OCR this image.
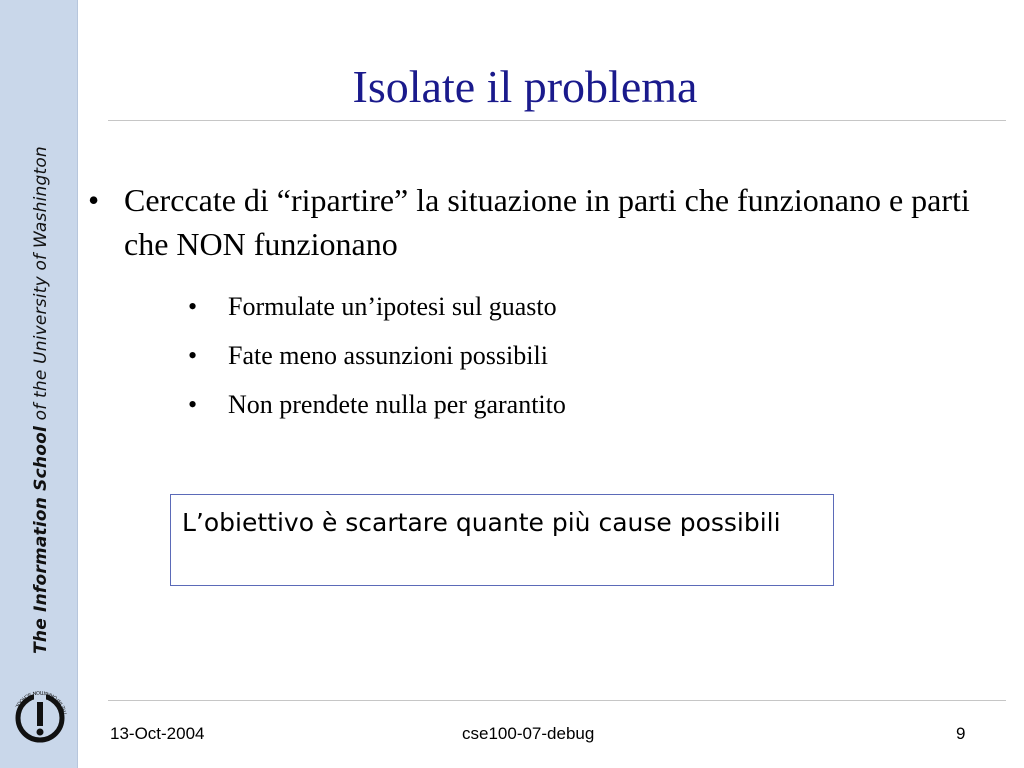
The Information School of the University of Washington
THE INFORMATION SCHOOL
Isolate il problema
• Cerccate di “ripartire” la situazione in parti che funzionano e parti che NON funzionano
• Formulate un’ipotesi sul guasto
• Fate meno assunzioni possibili
• Non prendete nulla per garantito
L’obiettivo è scartare quante più cause possibili
13-Oct-2004	cse100-07-debug	9
